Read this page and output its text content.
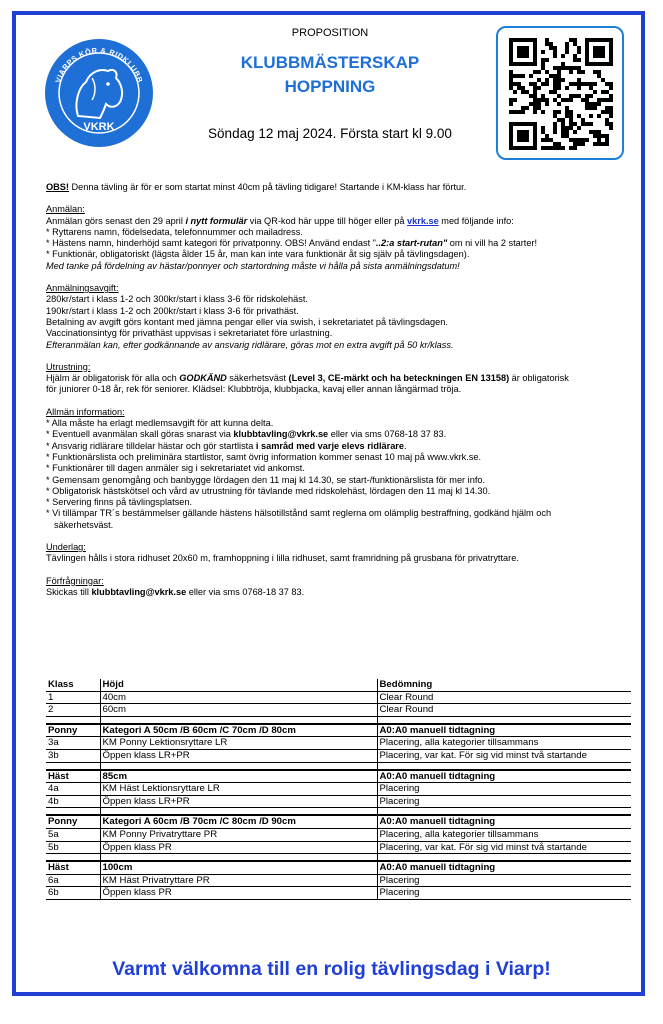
VIARPS KÖR & RIDKLUBB
VKRK
PROPOSITION
KLUBBMÄSTERSKAP
HOPPNING
Söndag 12 maj 2024. Första start kl 9.00

OBS! Denna tävling är för er som startat minst 40cm på tävling tidigare! Startande i KM-klass har förtur.

Anmälan:

Anmälan görs senast den 29 april i nytt formulär via QR-kod här uppe till höger eller på vkrk.se med följande info:

* Ryttarens namn, födelsedata, telefonnummer och mailadress.

* Hästens namn, hinderhöjd samt kategori för privatponny. OBS! Använd endast "..2:a start-rutan" om ni vill ha 2 starter!

* Funktionär, obligatoriskt (lägsta ålder 15 år, man kan inte vara funktionär åt sig själv på tävlingsdagen).

Med tanke på fördelning av hästar/ponnyer och startordning måste vi hålla på sista anmälningsdatum!

Anmälningsavgift:

280kr/start i klass 1-2 och 300kr/start i klass 3-6 för ridskolehäst.

190kr/start i klass 1-2 och 200kr/start i klass 3-6 för privathäst.

Betalning av avgift görs kontant med jämna pengar eller via swish, i sekretariatet på tävlingsdagen.

Vaccinationsintyg för privathäst uppvisas i sekretariatet före urlastning.

Efteranmälan kan, efter godkännande av ansvarig ridlärare, göras mot en extra avgift på 50 kr/klass.

Utrustning:

Hjälm är obligatorisk för alla och GODKÄND säkerhetsväst (Level 3, CE-märkt och ha beteckningen EN 13158) är obligatorisk

för juniorer 0-18 år, rek för seniorer. Klädsel: Klubbtröja, klubbjacka, kavaj eller annan långärmad tröja.

Allmän information:

* Alla måste ha erlagt medlemsavgift för att kunna delta.

* Eventuell avanmälan skall göras snarast via klubbtavling@vkrk.se eller via sms 0768-18 37 83.

* Ansvarig ridlärare tilldelar hästar och gör startlista i samråd med varje elevs ridlärare.

* Funktionärslista och preliminära startlistor, samt övrig information kommer senast 10 maj på www.vkrk.se.

* Funktionärer till dagen anmäler sig i sekretariatet vid ankomst.

* Gemensam genomgång och banbygge lördagen den 11 maj kl 14.30, se start-/funktionärslista för mer info.

* Obligatorisk hästskötsel och vård av utrustning för tävlande med ridskolehäst, lördagen den 11 maj kl 14.30.

* Servering finns på tävlingsplatsen.

* Vi tillämpar TR´s bestämmelser gällande hästens hälsotillstånd samt reglerna om olämplig bestraffning, godkänd hjälm och

säkerhetsväst.

Underlag:

Tävlingen hålls i stora ridhuset 20x60 m, framhoppning i lilla ridhuset, samt framridning på grusbana för privatryttare.

Förfrågningar:

Skickas till klubbtavling@vkrk.se eller via sms 0768-18 37 83.

Klass	Höjd	Bedömning
1	40cm	Clear Round
2	60cm	Clear Round

Ponny	Kategori A 50cm /B 60cm /C 70cm /D 80cm	A0:A0 manuell tidtagning
3a	KM Ponny Lektionsryttare LR	Placering, alla kategorier tillsammans
3b	Öppen klass LR+PR	Placering, var kat. För sig vid minst två startande

Häst	85cm	A0:A0 manuell tidtagning
4a	KM Häst Lektionsryttare LR	Placering
4b	Öppen klass LR+PR	Placering

Ponny	Kategori A 60cm /B 70cm /C 80cm /D 90cm	A0:A0 manuell tidtagning
5a	KM Ponny Privatryttare PR	Placering, alla kategorier tillsammans
5b	Öppen klass PR	Placering, var kat. För sig vid minst två startande

Häst	100cm	A0:A0 manuell tidtagning
6a	KM Häst Privatryttare PR	Placering
6b	Öppen klass PR	Placering
Varmt välkomna till en rolig tävlingsdag i Viarp!
